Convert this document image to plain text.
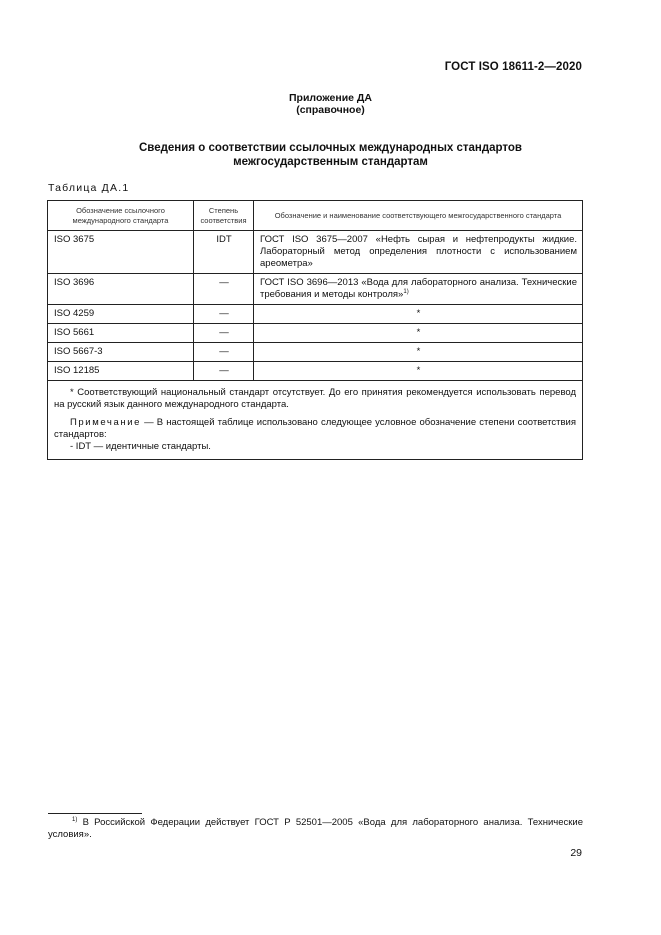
ГОСТ ISO 18611-2—2020
Приложение ДА
(справочное)
Сведения о соответствии ссылочных международных стандартов
межгосударственным стандартам
Таблица ДА.1
Обозначение ссылочного международного стандарта	Степень соответствия	Обозначение и наименование соответствующего межгосударственного стандарта
ISO 3675	IDT	ГОСТ ISO 3675—2007 «Нефть сырая и нефтепродукты жидкие. Лабораторный метод определения плотности с использованием ареометра»
ISO 3696	—	ГОСТ ISO 3696—2013 «Вода для лабораторного анализа. Технические требования и методы контроля»$^{1)}$
ISO 4259	—	*
ISO 5661	—	*
ISO 5667-3	—	*
ISO 12185	—	*

* Соответствующий национальный стандарт отсутствует. До его принятия рекомендуется использовать перевод на русский язык данного международного стандарта.

Примечание — В настоящей таблице использовано следующее условное обозначение степени соответствия стандартов:

- IDT — идентичные стандарты.		

$^{1)}$ В Российской Федерации действует ГОСТ Р 52501—2005 «Вода для лабораторного анализа. Технические условия».
29
